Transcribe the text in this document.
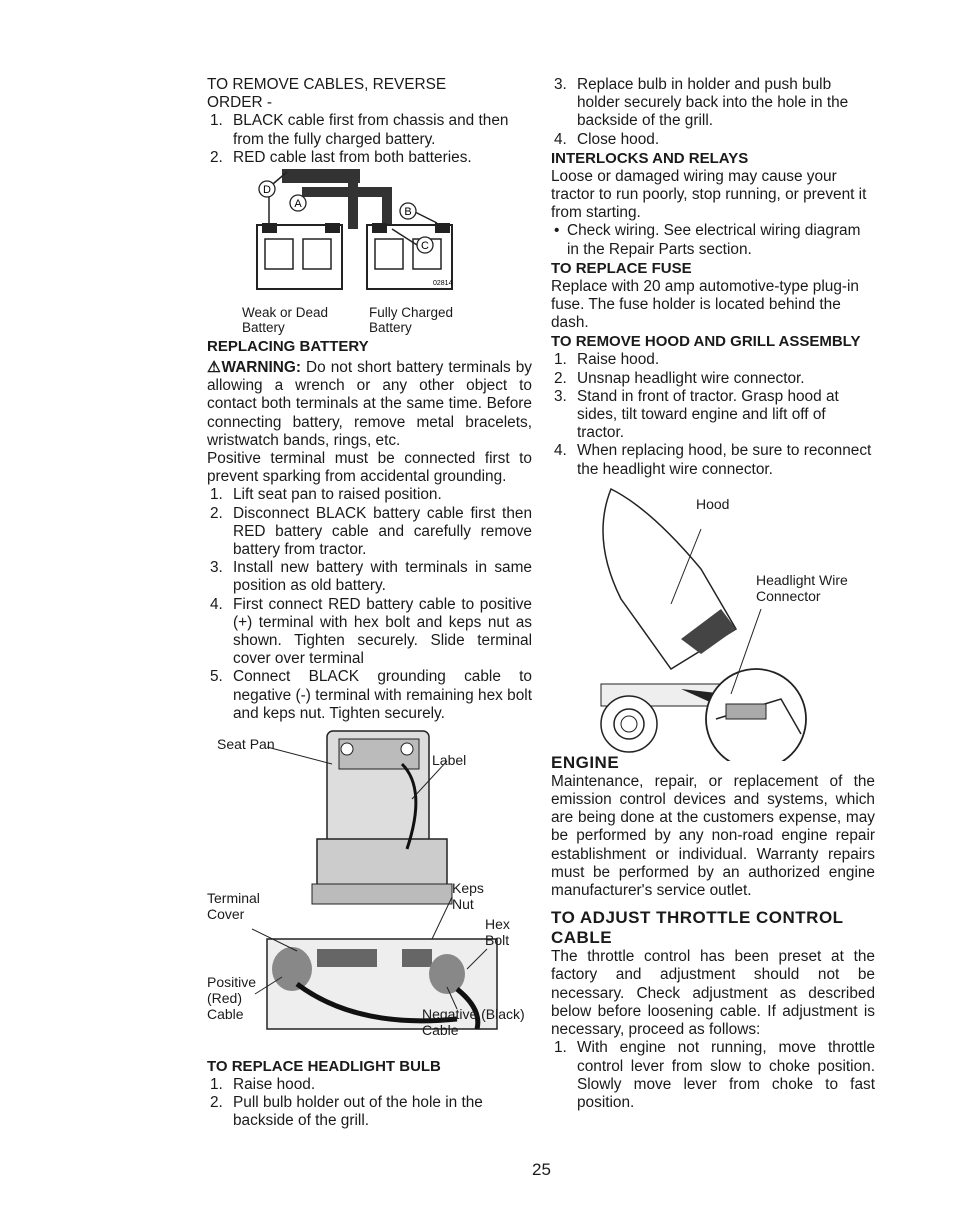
TO REMOVE CABLES, REVERSE ORDER -

1. BLACK cable first from chassis and then from the fully charged battery.
2. RED cable last from both batteries.
D
A
B
C
02814
Weak or Dead
Battery
Fully Charged
Battery

REPLACING BATTERY

⚠WARNING: Do not short battery terminals by allowing a wrench or any other object to contact both terminals at the same time. Before connecting battery, remove metal bracelets, wristwatch bands, rings, etc.

Positive terminal must be connected first to prevent sparking from accidental grounding.

1. Lift seat pan to raised position.
2. Disconnect BLACK battery cable first then RED battery cable and carefully remove battery from tractor.
3. Install new battery with terminals in same position as old battery.
4. First connect RED battery cable to positive (+) terminal with hex bolt and keps nut as shown. Tighten securely. Slide terminal cover over terminal
5. Connect BLACK grounding cable to negative (-) terminal with remaining hex bolt and keps nut. Tighten securely.
Seat Pan
Label
Keps
Nut
Terminal
Cover
Hex
Bolt
Positive
(Red)
Cable	Negative (Black)
Cable

TO REPLACE HEADLIGHT BULB

1. Raise hood.
2. Pull bulb holder out of the hole in the backside of the grill.
3. Replace bulb in holder and push bulb holder securely back into the hole in the backside of the grill.
4. Close hood.

INTERLOCKS AND RELAYS

Loose or damaged wiring may cause your tractor to run poorly, stop running, or prevent it from starting.

• Check wiring. See electrical wiring diagram in the Repair Parts section.

TO REPLACE FUSE

Replace with 20 amp automotive-type plug-in fuse. The fuse holder is located behind the dash.

TO REMOVE HOOD AND GRILL ASSEMBLY

1. Raise hood.
2. Unsnap headlight wire connector.
3. Stand in front of tractor. Grasp hood at sides, tilt toward engine and lift off of tractor.
4. When replacing hood, be sure to reconnect the headlight wire connector.
Hood
Headlight Wire
Connector

ENGINE

Maintenance, repair, or replacement of the emission control devices and systems, which are being done at the customers expense, may be performed by any non-road engine repair establishment or individual. Warranty repairs must be performed by an authorized engine manufacturer's service outlet.

TO ADJUST THROTTLE CONTROL CABLE

The throttle control has been preset at the factory and adjustment should not be necessary. Check adjustment as described below before loosening cable. If adjustment is necessary, proceed as follows:

1. With engine not running, move throttle control lever from slow to choke position. Slowly move lever from choke to fast position.
25
